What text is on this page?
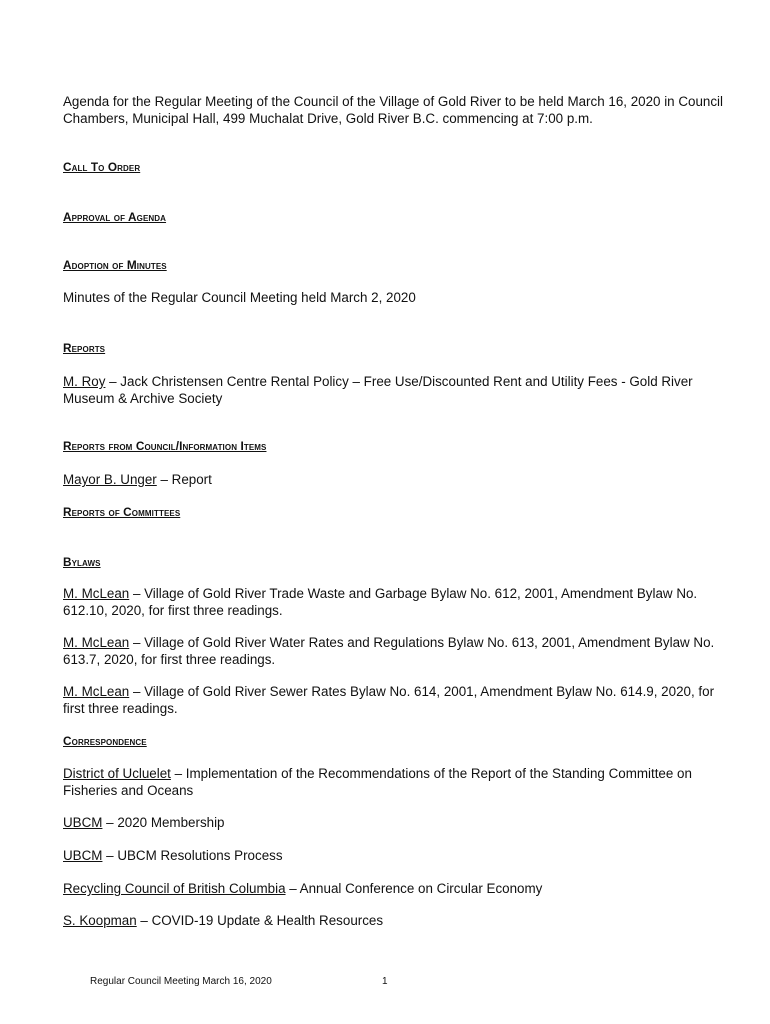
Agenda for the Regular Meeting of the Council of the Village of Gold River to be held March 16, 2020 in Council Chambers, Municipal Hall, 499 Muchalat Drive, Gold River B.C. commencing at 7:00 p.m.
Call To Order
Approval of Agenda
Adoption of Minutes
Minutes of the Regular Council Meeting held March 2, 2020
Reports
M. Roy – Jack Christensen Centre Rental Policy – Free Use/Discounted Rent and Utility Fees - Gold River Museum & Archive Society
Reports from Council/Information Items
Mayor B. Unger – Report
Reports of Committees
Bylaws
M. McLean – Village of Gold River Trade Waste and Garbage Bylaw No. 612, 2001, Amendment Bylaw No. 612.10, 2020, for first three readings.
M. McLean – Village of Gold River Water Rates and Regulations Bylaw No. 613, 2001, Amendment Bylaw No. 613.7, 2020, for first three readings.
M. McLean – Village of Gold River Sewer Rates Bylaw No. 614, 2001, Amendment Bylaw No. 614.9, 2020, for first three readings.
Correspondence
District of Ucluelet – Implementation of the Recommendations of the Report of the Standing Committee on Fisheries and Oceans
UBCM – 2020 Membership
UBCM – UBCM Resolutions Process
Recycling Council of British Columbia – Annual Conference on Circular Economy
S. Koopman – COVID-19 Update & Health Resources
Regular Council Meeting March 16, 2020	1
